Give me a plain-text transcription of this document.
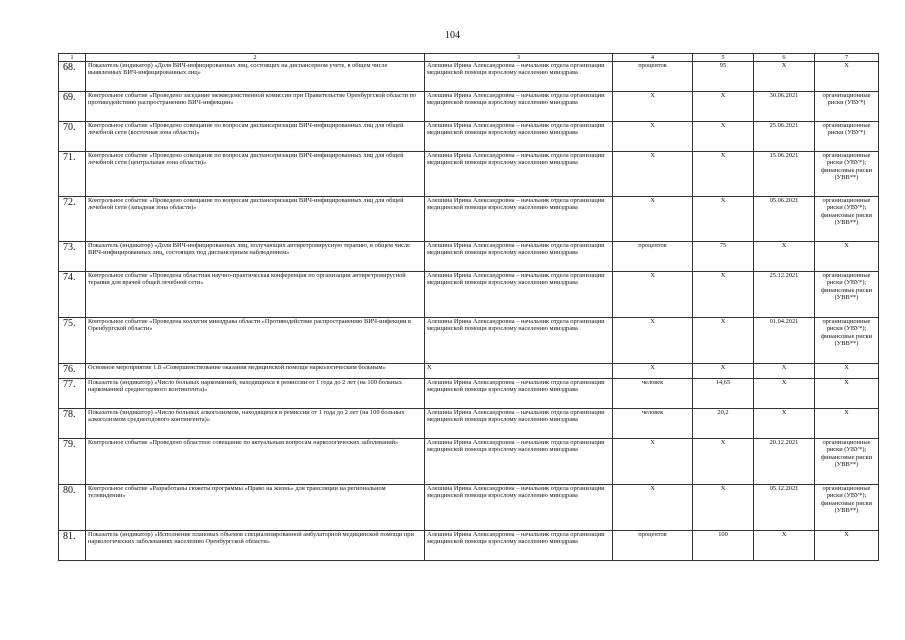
104
1	2	3	4	5	6	7
68.	Показатель (индикатор) «Доля ВИЧ-инфицированных лиц, состоящих на диспансерном учете, в общем числе выявленных ВИЧ-инфицированных лиц»	Алешина Ирина Александровна – начальник отдела организации медицинской помощи взрослому населению минздрава	процентов	95	X	X
69.	Контрольное событие «Проведено заседание межведомственной комиссии при Правительстве Оренбургской области по противодействию распространению ВИЧ-инфекции»	Алешина Ирина Александровна – начальник отдела организации медицинской помощи взрослому населению минздрава	X	X	30.06.2021	организационные риски (УВУ*)
70.	Контрольное событие «Проведено совещание по вопросам диспансеризации ВИЧ-инфицированных лиц для общей лечебной сети (восточная зона области)»	Алешина Ирина Александровна – начальник отдела организации медицинской помощи взрослому населению минздрава	X	X	25.06.2021	организационные риски (УВУ*)
71.	Контрольное событие «Проведено совещание по вопросам диспансеризации ВИЧ-инфицированных лиц для общей лечебной сети (центральная зона области)»	Алешина Ирина Александровна – начальник отдела организации медицинской помощи взрослому населению минздрава	X	X	15.06.2021	организационные риски (УВУ*); финансовые риски (УВВ**)
72.	Контрольное событие «Проведено совещание по вопросам диспансеризации ВИЧ-инфицированных лиц для общей лечебной сети (западная зона области)»	Алешина Ирина Александровна – начальник отдела организации медицинской помощи взрослому населению минздрава	X	X	05.06.2021	организационные риски (УВУ*); финансовые риски (УВВ**)
73.	Показатель (индикатор) «Доля ВИЧ-инфицированных лиц, получающих антиретровирусную терапию, в общем числе ВИЧ-инфицированных лиц, состоящих под диспансерным наблюдением»	Алешина Ирина Александровна – начальник отдела организации медицинской помощи взрослому населению минздрава	процентов	75	X	X
74.	Контрольное событие «Проведена областная научно-практическая конференция по организации антиретровирусной терапии для врачей общей лечебной сети»	Алешина Ирина Александровна – начальник отдела организации медицинской помощи взрослому населению минздрава	X	X	25.12.2021	организационные риски (УВУ*); финансовые риски (УВВ**)
75.	Контрольное событие «Проведена коллегия минздрава области «Противодействие распространению ВИЧ-инфекции в Оренбургской области»	Алешина Ирина Александровна – начальник отдела организации медицинской помощи взрослому населению минздрава	X	X	01.04.2021	организационные риски (УВУ*); финансовые риски (УВВ**)
76.	Основное мероприятие 1.8 «Совершенствование оказания медицинской помощи наркологическим больным»	X	X	X	X	X
77.	Показатель (индикатор) «Число больных наркоманией, находящихся в ремиссии от 1 года до 2 лет (на 100 больных наркоманией среднегодового контингента)»	Алешина Ирина Александровна – начальник отдела организации медицинской помощи взрослому населению минздрава	человек	14,65	X	X
78.	Показатель (индикатор) «Число больных алкоголизмом, находящихся в ремиссии от 1 года до 2 лет (на 100 больных алкоголизмом среднегодового контингента)»	Алешина Ирина Александровна – начальник отдела организации медицинской помощи взрослому населению минздрава	человек	20,2	X	X
79.	Контрольное событие «Проведено областное совещание по актуальным вопросам наркологических заболеваний»	Алешина Ирина Александровна – начальник отдела организации медицинской помощи взрослому населению минздрава	X	X	20.12.2021	организационные риски (УВУ*); финансовые риски (УВВ**)
80.	Контрольное событие «Разработаны сюжеты программы «Право на жизнь» для трансляции на региональном телевидении»	Алешина Ирина Александровна – начальник отдела организации медицинской помощи взрослому населению минздрава	X	X	05.12.2021	организационные риски (УВУ*); финансовые риски (УВВ**)
81.	Показатель (индикатор) «Исполнение плановых объемов специализированной амбулаторной медицинской помощи при наркологических заболеваниях населению Оренбургской области»	Алешина Ирина Александровна – начальник отдела организации медицинской помощи взрослому населению минздрава	процентов	100	X	X
